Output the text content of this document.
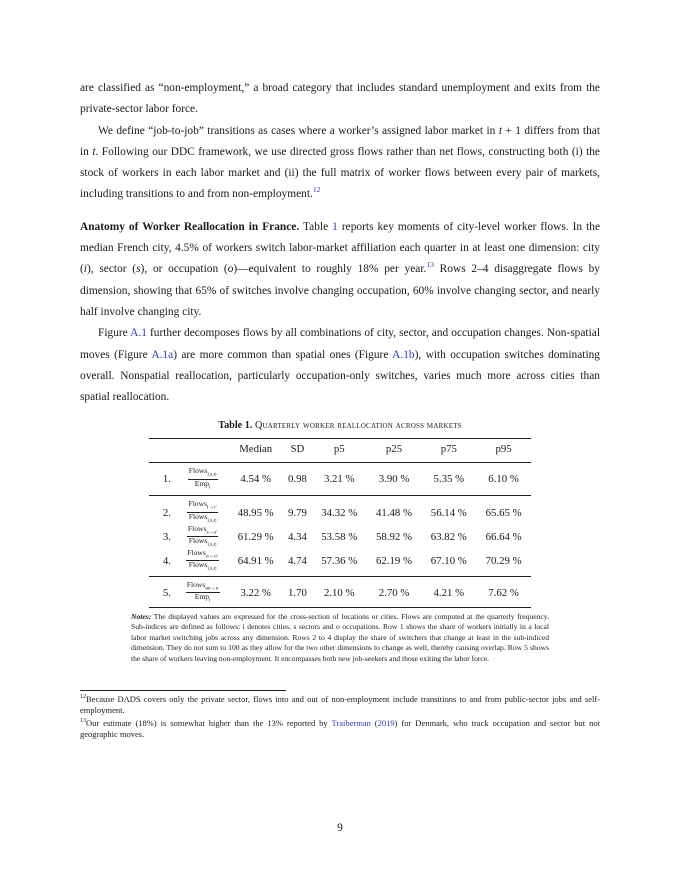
are classified as “non-employment,” a broad category that includes standard unemployment and exits from the private-sector labor force.

We define “job-to-job” transitions as cases where a worker’s assigned labor market in t + 1 differs from that in t. Following our DDC framework, we use directed gross flows rather than net flows, constructing both (i) the stock of workers in each labor market and (ii) the full matrix of worker flows between every pair of markets, including transitions to and from non-employment.$^{12}$

Anatomy of Worker Reallocation in France. Table 1 reports key moments of city-level worker flows. In the median French city, 4.5% of workers switch labor-market affiliation each quarter in at least one dimension: city (i), sector (s), or occupation (o)—equivalent to roughly 18% per year.$^{13}$ Rows 2–4 disaggregate flows by dimension, showing that 65% of switches involve changing occupation, 60% involve changing sector, and nearly half involve changing city.

Figure A.1 further decomposes flows by all combinations of city, sector, and occupation changes. Non-spatial moves (Figure A.1a) are more common than spatial ones (Figure A.1b), with occupation switches dominating overall. Nonspatial reallocation, particularly occupation-only switches, varies much more across cities than spatial reallocation.

Table 1. Quarterly worker reallocation across markets
		Median	SD	p5	p25	p75	p95
1.	$\frac{Flows_{i,s,o}}{Emp_i}$	4.54 %	0.98	3.21 %	3.90 %	5.35 %	6.10 %
2.	$\frac{Flows_{i\to i'}}{Flows_{i,s,o}}$	48.95 %	9.79	34.32 %	41.48 %	56.14 %	65.65 %
3.	$\frac{Flows_{s\to s'}}{Flows_{i,s,o}}$	61.29 %	4.34	53.58 %	58.92 %	63.82 %	66.64 %
4.	$\frac{Flows_{o\to o'}}{Flows_{i,s,o}}$	64.91 %	4.74	57.36 %	62.19 %	67.10 %	70.29 %
5.	$\frac{Flows_{ne\to e}}{Emp_i}$	3.22 %	1.70	2.10 %	2.70 %	4.21 %	7.62 %
Notes: The displayed values are expressed for the cross-section of locations or cities. Flows are computed at the quarterly frequency. Sub-indices are defined as follows: i denotes cities, s sectors and o occupations. Row 1 shows the share of workers initially in a local labor market switching jobs across any dimension. Rows 2 to 4 display the share of switchers that change at least in the sub-indiced dimension. They do not sum to 100 as they allow for the two other dimensions to change as well, thereby causing overlap. Row 5 shows the share of workers leaving non-employment. It encompasses both new job-seekers and those exiting the labor force.
$^{12}$Because DADS covers only the private sector, flows into and out of non-employment include transitions to and from public-sector jobs and self-employment.
$^{13}$Our estimate (18%) is somewhat higher than the 13% reported by Traiberman (2019) for Denmark, who track occupation and sector but not geographic moves.
9
